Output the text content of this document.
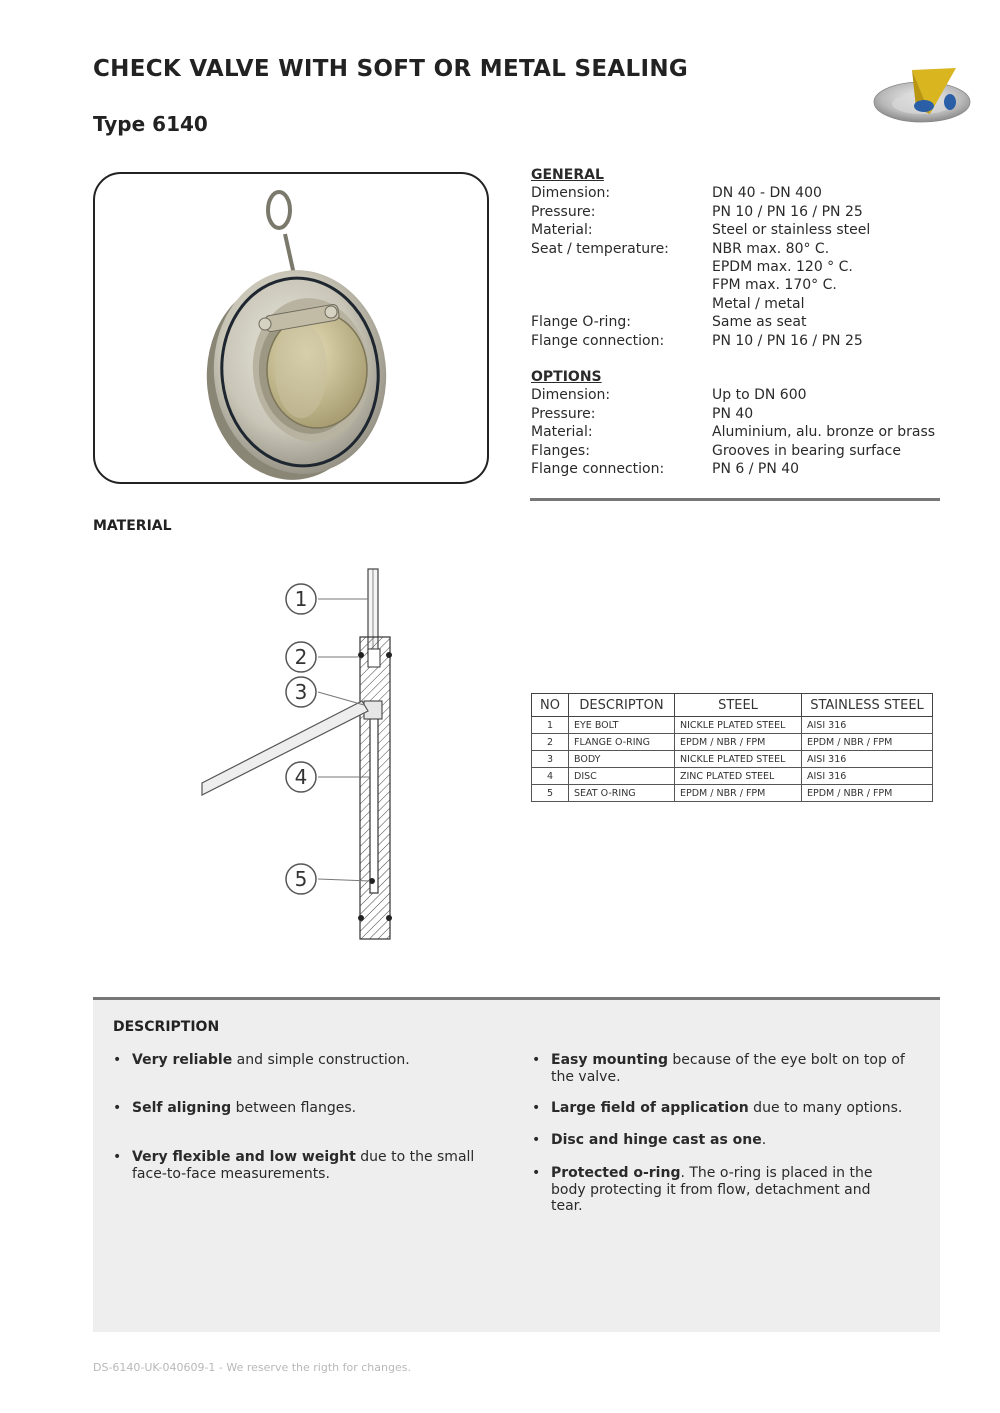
CHECK VALVE WITH SOFT OR METAL SEALING
Type 6140
GENERAL
Dimension:	DN 40 - DN 400
Pressure:	PN 10 / PN 16 / PN 25
Material:	Steel or stainless steel
Seat / temperature:	NBR max. 80° C.
EPDM max. 120 ° C.
FPM max. 170° C.
Metal / metal
Flange O-ring:	Same as seat
Flange connection:	PN 10 / PN 16 / PN 25
OPTIONS
Dimension:	Up to DN 600
Pressure:	PN 40
Material:	Aluminium, alu. bronze or brass
Flanges:	Grooves in bearing surface
Flange connection:	PN 6 / PN 40
MATERIAL
1
2
3
4
5
NO	DESCRIPTON	STEEL	STAINLESS STEEL
1	EYE BOLT	NICKLE PLATED STEEL	AISI 316
2	FLANGE O-RING	EPDM / NBR / FPM	EPDM / NBR / FPM
3	BODY	NICKLE PLATED STEEL	AISI 316
4	DISC	ZINC PLATED STEEL	AISI 316
5	SEAT O-RING	EPDM / NBR / FPM	EPDM / NBR / FPM
DESCRIPTION
• Very reliable and simple construction.
• Self aligning between flanges.
• Very flexible and low weight due to the small face-to-face measurements.
• Easy mounting because of the eye bolt on top of the valve.
• Large field of application due to many options.
• Disc and hinge cast as one.
• Protected o-ring. The o-ring is placed in the body protecting it from flow, detachment and tear.
DS-6140-UK-040609-1 - We reserve the rigth for changes.
